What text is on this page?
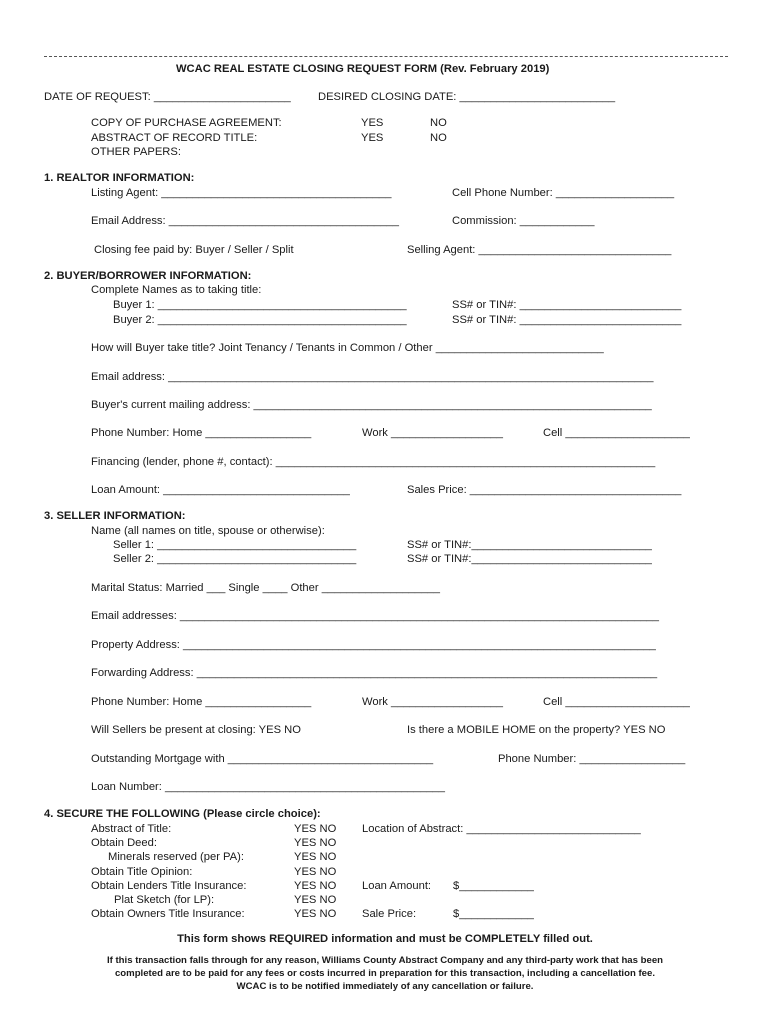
WCAC REAL ESTATE CLOSING REQUEST FORM (Rev. February 2019)
DATE OF REQUEST: ______________________ DESIRED CLOSING DATE: _________________________
COPY OF PURCHASE AGREEMENT:	YES	NO
ABSTRACT OF RECORD TITLE:	YES	NO
OTHER PAPERS:
1. REALTOR INFORMATION:
Listing Agent: _____________________________________	Cell Phone Number: ___________________
Email Address: _____________________________________	Commission: ____________
Closing fee paid by: Buyer / Seller / Split	Selling Agent: _______________________________
2. BUYER/BORROWER INFORMATION:
Complete Names as to taking title:
Buyer 1: ________________________________________	SS# or TIN#: __________________________
Buyer 2: ________________________________________	SS# or TIN#: __________________________
How will Buyer take title? Joint Tenancy / Tenants in Common / Other ___________________________
Email address: ______________________________________________________________________________
Buyer's current mailing address: ________________________________________________________________
Phone Number: Home _________________	Work __________________	Cell ____________________
Financing (lender, phone #, contact): _____________________________________________________________
Loan Amount: ______________________________	Sales Price: __________________________________
3. SELLER INFORMATION:
Name (all names on title, spouse or otherwise):
Seller 1: ________________________________	SS# or TIN#:_____________________________
Seller 2: ________________________________	SS# or TIN#:_____________________________
Marital Status: Married ___ Single ____ Other ___________________
Email addresses: _____________________________________________________________________________
Property Address: ____________________________________________________________________________
Forwarding Address: __________________________________________________________________________
Phone Number: Home _________________	Work __________________	Cell ____________________
Will Sellers be present at closing: YES NO	Is there a MOBILE HOME on the property? YES NO
Outstanding Mortgage with _________________________________	Phone Number: _________________
Loan Number: _____________________________________________
4. SECURE THE FOLLOWING (Please circle choice):
Abstract of Title:	YES NO Location of Abstract: ____________________________
Obtain Deed:	YES NO
Minerals reserved (per PA):	YES NO
Obtain Title Opinion:	YES NO
Obtain Lenders Title Insurance:	YES NO Loan Amount: $____________
Plat Sketch (for LP):	YES NO
Obtain Owners Title Insurance:	YES NO Sale Price:	$____________
This form shows REQUIRED information and must be COMPLETELY filled out.
If this transaction falls through for any reason, Williams County Abstract Company and any third-party work that has been
completed are to be paid for any fees or costs incurred in preparation for this transaction, including a cancellation fee.
WCAC is to be notified immediately of any cancellation or failure.
